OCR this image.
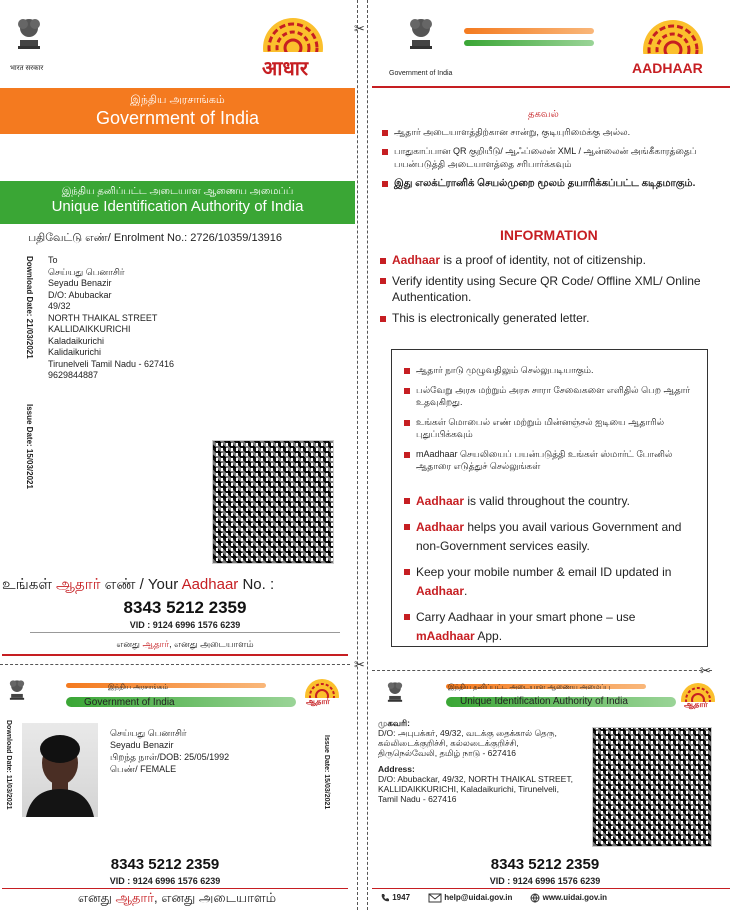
✂
✂	✂
भारत सरकार	आधार
இந்திய அரசாங்கம்
Government of India
இந்திய தனிப்பட்ட அடையாள ஆணைய அமைப்ப்
Unique Identification Authority of India
பதிவேட்டு எண்/ Enrolment No.: 2726/10359/13916
Download Date: 21/03/2021
Issue Date: 15/03/2021
To
செய்யது பெனாசிர்
Seyadu Benazir
D/O: Abubackar
49/32
NORTH THAIKAL STREET
KALLIDAIKKURICHI
Kaladaikurichi
Kalidaikurichi
Tirunelveli Tamil Nadu - 627416
9629844887
உங்கள் ஆதார் எண் / Your Aadhaar No. :
8343 5212 2359
VID : 9124 6996 1576 6239
எனது ஆதார், எனது அடையாளம்
Government of India	AADHAAR
தகவல்
ஆதார் அடையாளத்திற்கான சான்று, குடியுரிமைக்கு அல்ல.
பாதுகாப்பான QR குறியீடு/ ஆஃப்லைன் XML / ஆன்லைன் அங்கீகாரத்தைப் பயன்படுத்தி அடையாளத்தை சரிபார்க்கவும்
இது எலக்ட்ரானிக் செயல்முறை மூலம் தயாரிக்கப்பட்ட கடிதமாகும்.
INFORMATION
Aadhaar is a proof of identity, not of citizenship.
Verify identity using Secure QR Code/ Offline XML/ Online Authentication.
This is electronically generated letter.
ஆதார் நாடு முழுவதிலும் செல்லுபடியாகும்.
பல்வேறு அரசு மற்றும் அரசு சாரா சேவைகளை எளிதில் பெற ஆதார் உதவுகிறது.
உங்கள் மொபைல் எண் மற்றும் மின்னஞ்சல் ஐடியை ஆதாரில் புதுப்பிக்கவும்
mAadhaar செயலியைப் பயன்படுத்தி உங்கள் ஸ்மார்ட் போனில் ஆதாரை எடுத்துச் செல்லுங்கள்
Aadhaar is valid throughout the country.
Aadhaar helps you avail various Government and non-Government services easily.
Keep your mobile number & email ID updated in Aadhaar.
Carry Aadhaar in your smart phone – use mAadhaar App.
இந்திய அரசாங்கம்
Government of India	ஆதார்
Download Date: 11/03/2021	செய்யது பெனாசிர்
Seyadu Benazir
பிறந்த நாள்/DOB: 25/05/1992
பெண்/ FEMALE	Issue Date: 15/03/2021
8343 5212 2359
VID : 9124 6996 1576 6239
எனது ஆதார், எனது அடையாளம்
இந்திய தனிப்பட்ட அடையாள ஆணைய அமைப்பு
Unique Identification Authority of India	ஆதார்
முகவரி:
D/O: அபுபக்கர், 49/32, வடக்கு தைக்கால் தெரு, கல்லிடைக்குறிச்சி, கல்லடைக்குறிச்சி, திருநெல்வேலி, தமிழ் நாடு - 627416
Address:
D/O: Abubackar, 49/32, NORTH THAIKAL STREET, KALLIDAIKKURICHI, Kaladaikurichi, Tirunelveli, Tamil Nadu - 627416
8343 5212 2359
VID : 9124 6996 1576 6239
1947	help@uidai.gov.in	www.uidai.gov.in
